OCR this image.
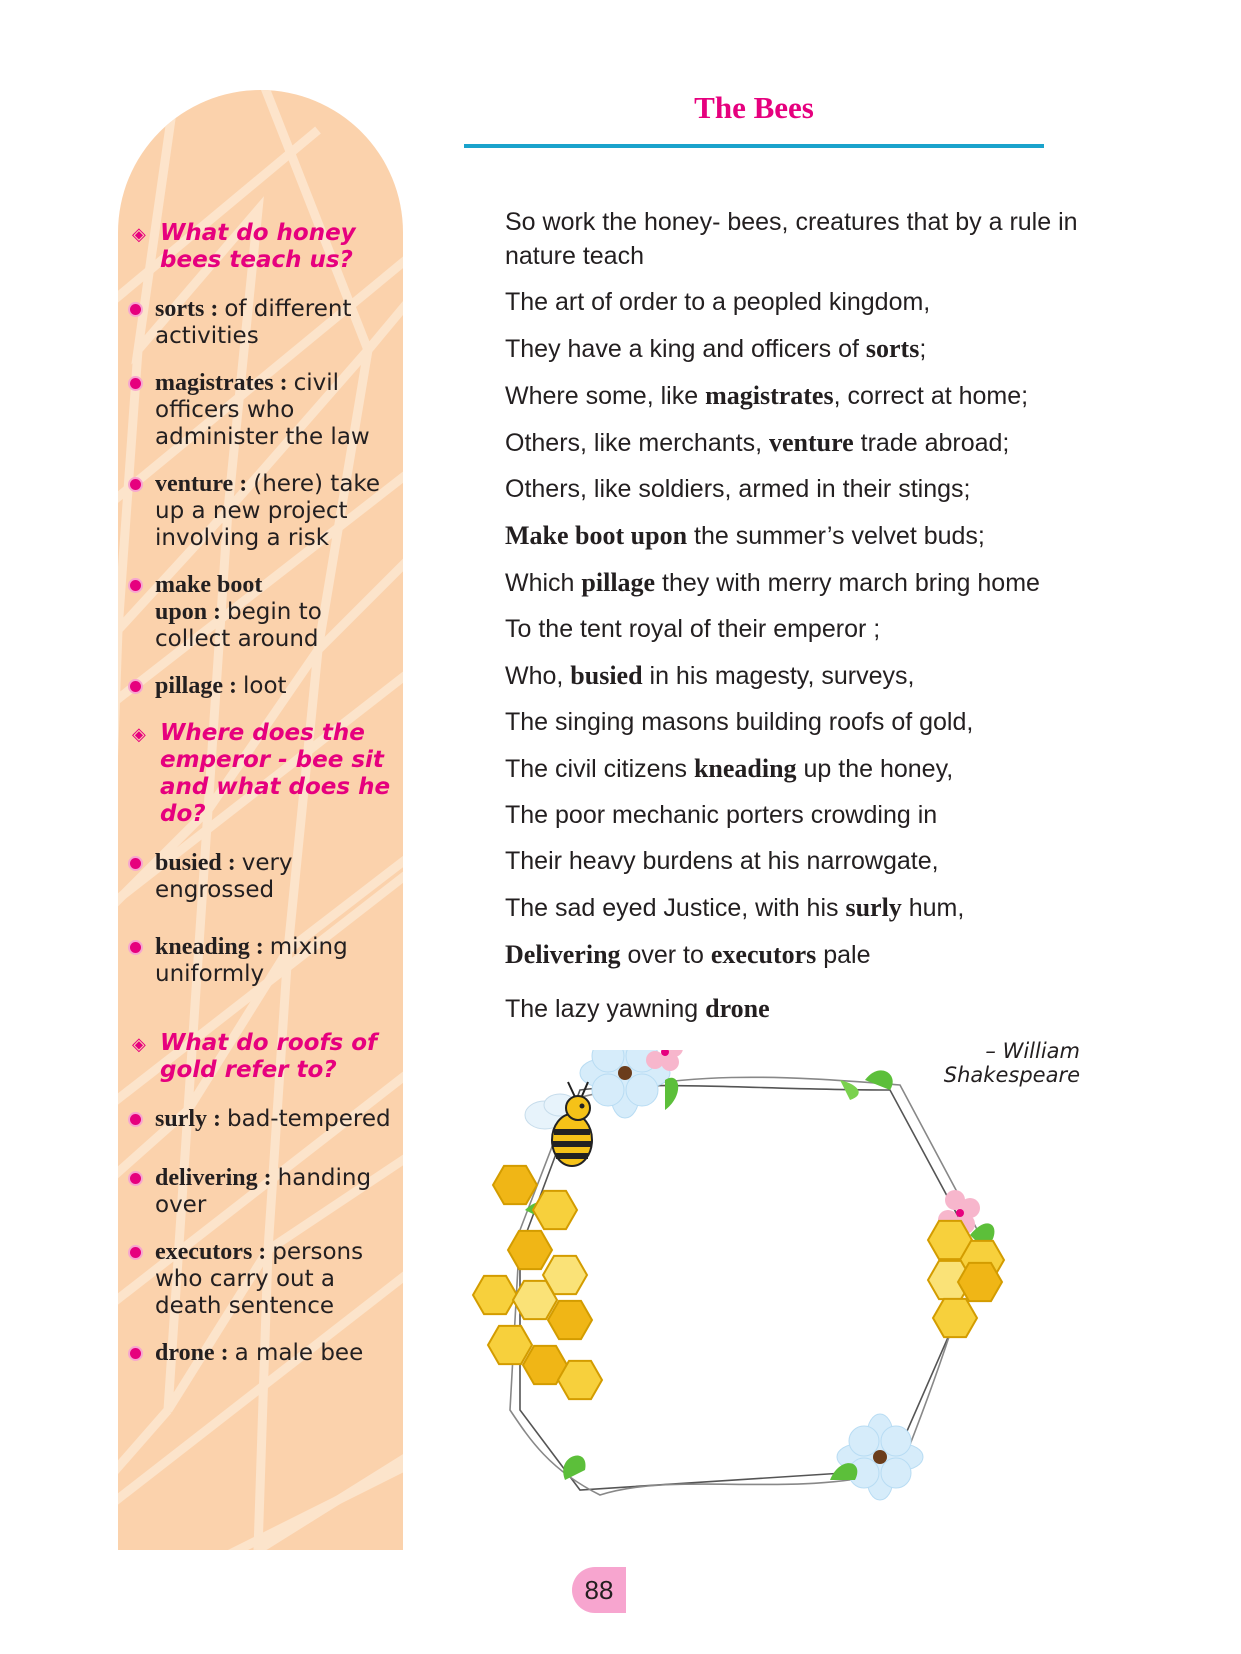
◈ What do honey bees teach us?
sorts : of different activities
magistrates : civil officers who administer the law
venture : (here) take up a new project involving a risk
make boot upon : begin to collect around
pillage : loot
◈ Where does the emperor - bee sit and what does he do?
busied : very engrossed
kneading : mixing uniformly
◈ What do roofs of gold refer to?
surly : bad-tempered
delivering : handing over
executors : persons who carry out a death sentence
drone : a male bee
The Bees
So work the honey- bees, creatures that by a rule in
nature teach
The art of order to a peopled kingdom,
They have a king and officers of sorts;
Where some, like magistrates, correct at home;
Others, like merchants, venture trade abroad;
Others, like soldiers, armed in their stings;
Make boot upon the summer’s velvet buds;
Which pillage they with merry march bring home
To the tent royal of their emperor ;
Who, busied in his magesty, surveys,
The singing masons building roofs of gold,
The civil citizens kneading up the honey,
The poor mechanic porters crowding in
Their heavy burdens at his narrowgate,
The sad eyed Justice, with his surly hum,
Delivering over to executors pale
The lazy yawning drone
– William Shakespeare
88
